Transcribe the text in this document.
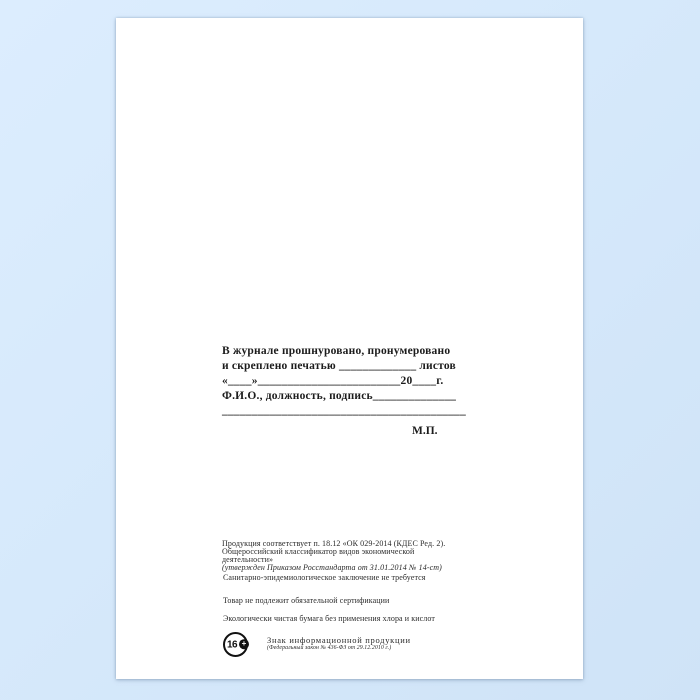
В журнале прошнуровано, пронумеровано
и скреплено печатью _____________ листов
«____»________________________20____г.
Ф.И.О., должность, подпись______________
_________________________________________
М.П.
Продукция соответствует п. 18.12 «ОК 029-2014 (КДЕС Ред. 2).
Общероссийский классификатор видов экономической деятельности»
(утвержден Приказом Росстандарта от 31.01.2014 № 14-ст)
Санитарно-эпидемиологическое заключение не требуется
Товар не подлежит обязательной сертификации
Экологически чистая бумага без применения хлора и кислот
16 +	Знак информационной продукции
(Федеральный закон № 436-ФЗ от 29.12.2010 г.)
